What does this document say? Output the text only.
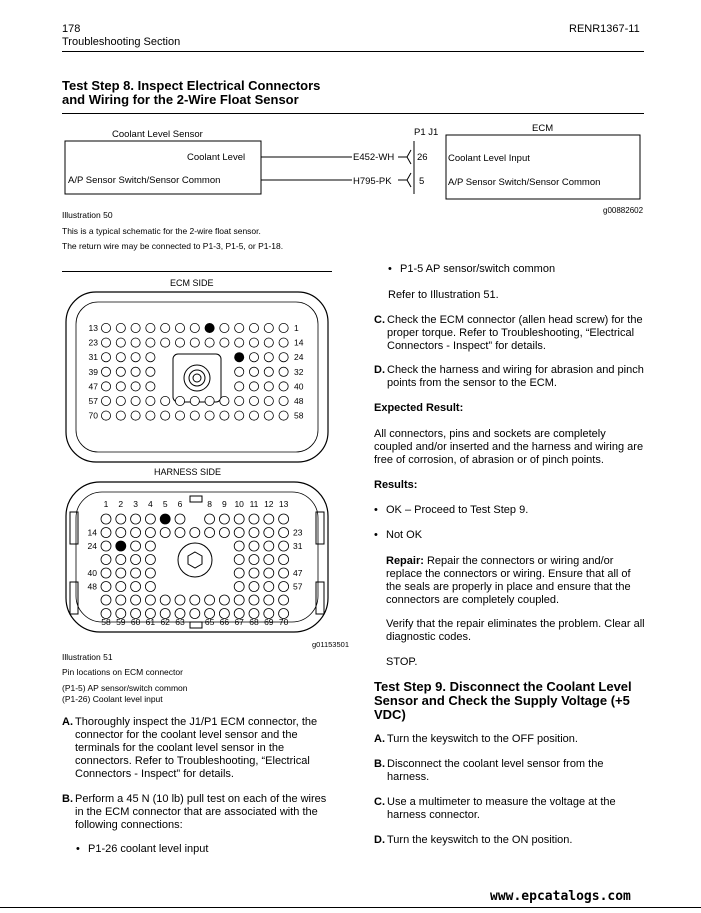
178
Troubleshooting Section
RENR1367-11
Test Step 8. Inspect Electrical Connectors
and Wiring for the 2-Wire Float Sensor
Coolant Level Sensor
Coolant Level
A/P Sensor Switch/Sensor Common
E452-WH
H795-PK
P1 J1
26
5
ECM
Coolant Level Input
A/P Sensor Switch/Sensor Common
g00882602
Illustration 50
This is a typical schematic for the 2-wire float sensor.
The return wire may be connected to P1-3, P1-5, or P1-18.
ECM SIDE
13	1
23	14
31	24
39	32
47	40
57	48
70	58
HARNESS SIDE
1 2 3 4 5 6	8 9 10 11 12 13
14
24
40
48
23
31
47
57
58 59 60 61 62 63 65 66 67 68 69 70
g01153501
Illustration 51
Pin locations on ECM connector
(P1-5) AP sensor/switch common
(P1-26) Coolant level input
A. Thoroughly inspect the J1/P1 ECM connector, the connector for the coolant level sensor and the terminals for the coolant level sensor in the connectors. Refer to Troubleshooting, “Electrical Connectors - Inspect” for details.
B. Perform a 45 N (10 lb) pull test on each of the wires in the ECM connector that are associated with the following connections:
• P1-26 coolant level input
• P1-5 AP sensor/switch common
Refer to Illustration 51.
C. Check the ECM connector (allen head screw) for the proper torque. Refer to Troubleshooting, “Electrical Connectors - Inspect” for details.
D. Check the harness and wiring for abrasion and pinch points from the sensor to the ECM.
Expected Result:
All connectors, pins and sockets are completely coupled and/or inserted and the harness and wiring are free of corrosion, of abrasion or of pinch points.
Results:
• OK – Proceed to Test Step 9.
• Not OK
Repair: Repair the connectors or wiring and/or replace the connectors or wiring. Ensure that all of the seals are properly in place and ensure that the connectors are completely coupled.
Verify that the repair eliminates the problem. Clear all diagnostic codes.
STOP.
Test Step 9. Disconnect the Coolant Level Sensor and Check the Supply Voltage (+5 VDC)
A. Turn the keyswitch to the OFF position.
B. Disconnect the coolant level sensor from the harness.
C. Use a multimeter to measure the voltage at the harness connector.
D. Turn the keyswitch to the ON position.
www.epcatalogs.com
